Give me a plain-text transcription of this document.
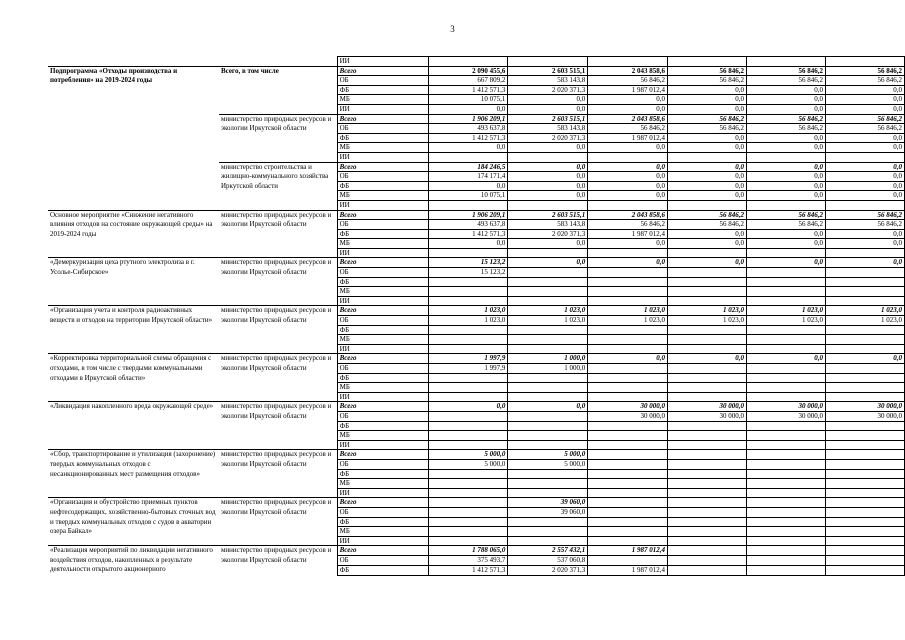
3
		ИИ						
Подпрограмма «Отходы производства и потребления» на 2019-2024 годы	Всего, в том числе	Всего	2 090 455,6	2 603 515,1	2 043 858,6	56 846,2	56 846,2	56 846,2
		ОБ	667 809,2	583 143,8	56 846,2	56 846,2	56 846,2	56 846,2
		ФБ	1 412 571,3	2 020 371,3	1 987 012,4	0,0	0,0	0,0
		МБ	10 075,1	0,0	0,0	0,0	0,0	0,0
		ИИ	0,0	0,0	0,0	0,0	0,0	0,0
	министерство природных ресурсов и экологии Иркутской области	Всего	1 906 209,1	2 603 515,1	2 043 858,6	56 846,2	56 846,2	56 846,2
		ОБ	493 637,8	583 143,8	56 846,2	56 846,2	56 846,2	56 846,2
		ФБ	1 412 571,3	2 020 371,3	1 987 012,4	0,0	0,0	0,0
		МБ	0,0	0,0	0,0	0,0	0,0	0,0
		ИИ						
	министерство строительства и жилищно-коммунального хозяйства Иркутской области	Всего	184 246,5	0,0	0,0	0,0	0,0	0,0
		ОБ	174 171,4	0,0	0,0	0,0	0,0	0,0
		ФБ	0,0	0,0	0,0	0,0	0,0	0,0
		МБ	10 075,1	0,0	0,0	0,0	0,0	0,0
		ИИ						
Основное мероприятие «Снижение негативного влияния отходов на состояние окружающей среды» на 2019-2024 годы	министерство природных ресурсов и экологии Иркутской области	Всего	1 906 209,1	2 603 515,1	2 043 858,6	56 846,2	56 846,2	56 846,2
		ОБ	493 637,8	583 143,8	56 846,2	56 846,2	56 846,2	56 846,2
		ФБ	1 412 571,3	2 020 371,3	1 987 012,4	0,0	0,0	0,0
		МБ	0,0	0,0	0,0	0,0	0,0	0,0
		ИИ						
«Демеркуризация цеха ртутного электролиза в г. Усолье-Сибирское»	министерство природных ресурсов и экологии Иркутской области	Всего	15 123,2	0,0	0,0	0,0	0,0	0,0
		ОБ	15 123,2					
		ФБ						
		МБ						
		ИИ						
«Организация учета и контроля радиоактивных веществ и отходов на территории Иркутской области»	министерство природных ресурсов и экологии Иркутской области	Всего	1 023,0	1 023,0	1 023,0	1 023,0	1 023,0	1 023,0
		ОБ	1 023,0	1 023,0	1 023,0	1 023,0	1 023,0	1 023,0
		ФБ						
		МБ						
		ИИ						
«Корректировка территориальной схемы обращения с отходами, в том числе с твердыми коммунальными отходами в Иркутской области»	министерство природных ресурсов и экологии Иркутской области	Всего	1 997,9	1 000,0	0,0	0,0	0,0	0,0
		ОБ	1 997,9	1 000,0				
		ФБ						
		МБ						
		ИИ						
«Ликвидация накопленного вреда окружающей среде»	министерство природных ресурсов и экологии Иркутской области	Всего	0,0	0,0	30 000,0	30 000,0	30 000,0	30 000,0
		ОБ			30 000,0	30 000,0	30 000,0	30 000,0
		ФБ						
		МБ						
		ИИ						
«Сбор, транспортирование и утилизация (захоронение) твердых коммунальных отходов с несанкционированных мест размещения отходов»	министерство природных ресурсов и экологии Иркутской области	Всего	5 000,0	5 000,0				
		ОБ	5 000,0	5 000,0				
		ФБ						
		МБ						
		ИИ						
«Организация и обустройство приемных пунктов нефтесодержащих, хозяйственно-бытовых сточных вод и твердых коммунальных отходов с судов в акватории озера Байкал»	министерство природных ресурсов и экологии Иркутской области	Всего		39 060,0				
		ОБ		39 060,0				
		ФБ						
		МБ						
		ИИ						
«Реализация мероприятий по ликвидации негативного воздействия отходов, накопленных в результате деятельности открытого акционерного	министерство природных ресурсов и экологии Иркутской области	Всего	1 788 065,0	2 557 432,1	1 987 012,4			
		ОБ	375 493,7	537 060,8				
		ФБ	1 412 571,3	2 020 371,3	1 987 012,4			
